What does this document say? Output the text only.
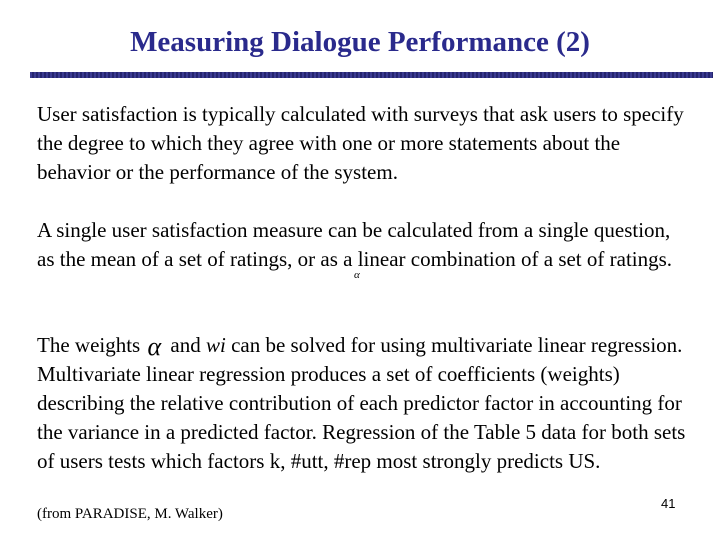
Measuring Dialogue Performance (2)

User satisfaction is typically calculated with surveys that ask users to specify the degree to which they agree with one or more statements about the behavior or the performance of the system.

A single user satisfaction measure can be calculated from a single question, as the mean of a set of ratings, or as a linear combination of a set of ratings.

α

The weights α and wi can be solved for using multivariate linear regression. Multivariate linear regression produces a set of coefficients (weights) describing the relative contribution of each predictor factor in accounting for the variance in a predicted factor. Regression of the Table 5 data for both sets of users tests which factors k, #utt, #rep most strongly predicts US.

(from PARADISE, M. Walker)

41
